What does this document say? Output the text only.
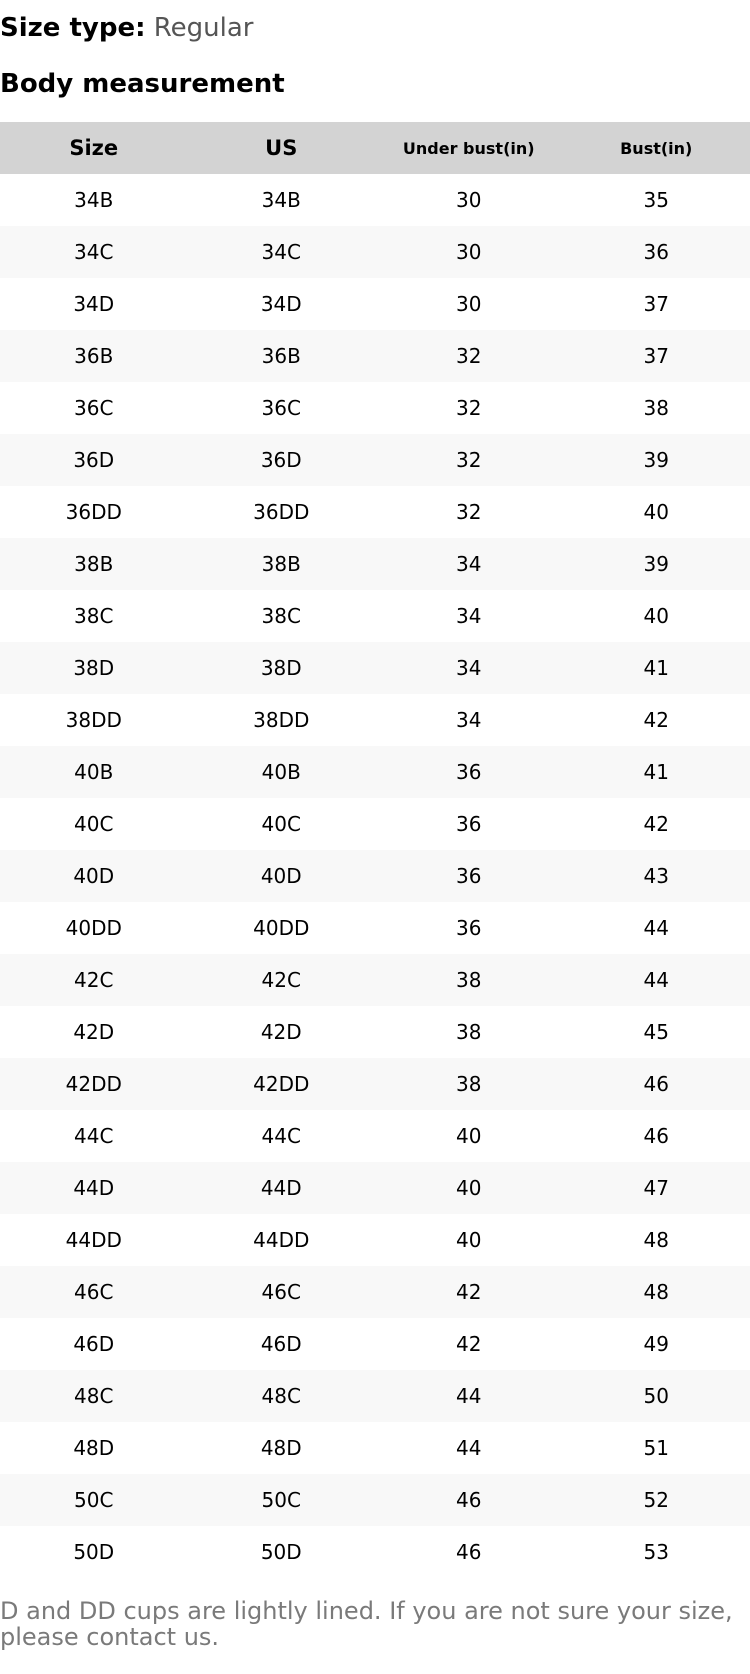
Size type: Regular
Body measurement
Size	US	Under bust(in)	Bust(in)
34B	34B	30	35
34C	34C	30	36
34D	34D	30	37
36B	36B	32	37
36C	36C	32	38
36D	36D	32	39
36DD	36DD	32	40
38B	38B	34	39
38C	38C	34	40
38D	38D	34	41
38DD	38DD	34	42
40B	40B	36	41
40C	40C	36	42
40D	40D	36	43
40DD	40DD	36	44
42C	42C	38	44
42D	42D	38	45
42DD	42DD	38	46
44C	44C	40	46
44D	44D	40	47
44DD	44DD	40	48
46C	46C	42	48
46D	46D	42	49
48C	48C	44	50
48D	48D	44	51
50C	50C	46	52
50D	50D	46	53
D and DD cups are lightly lined. If you are not sure your size, please contact us.
